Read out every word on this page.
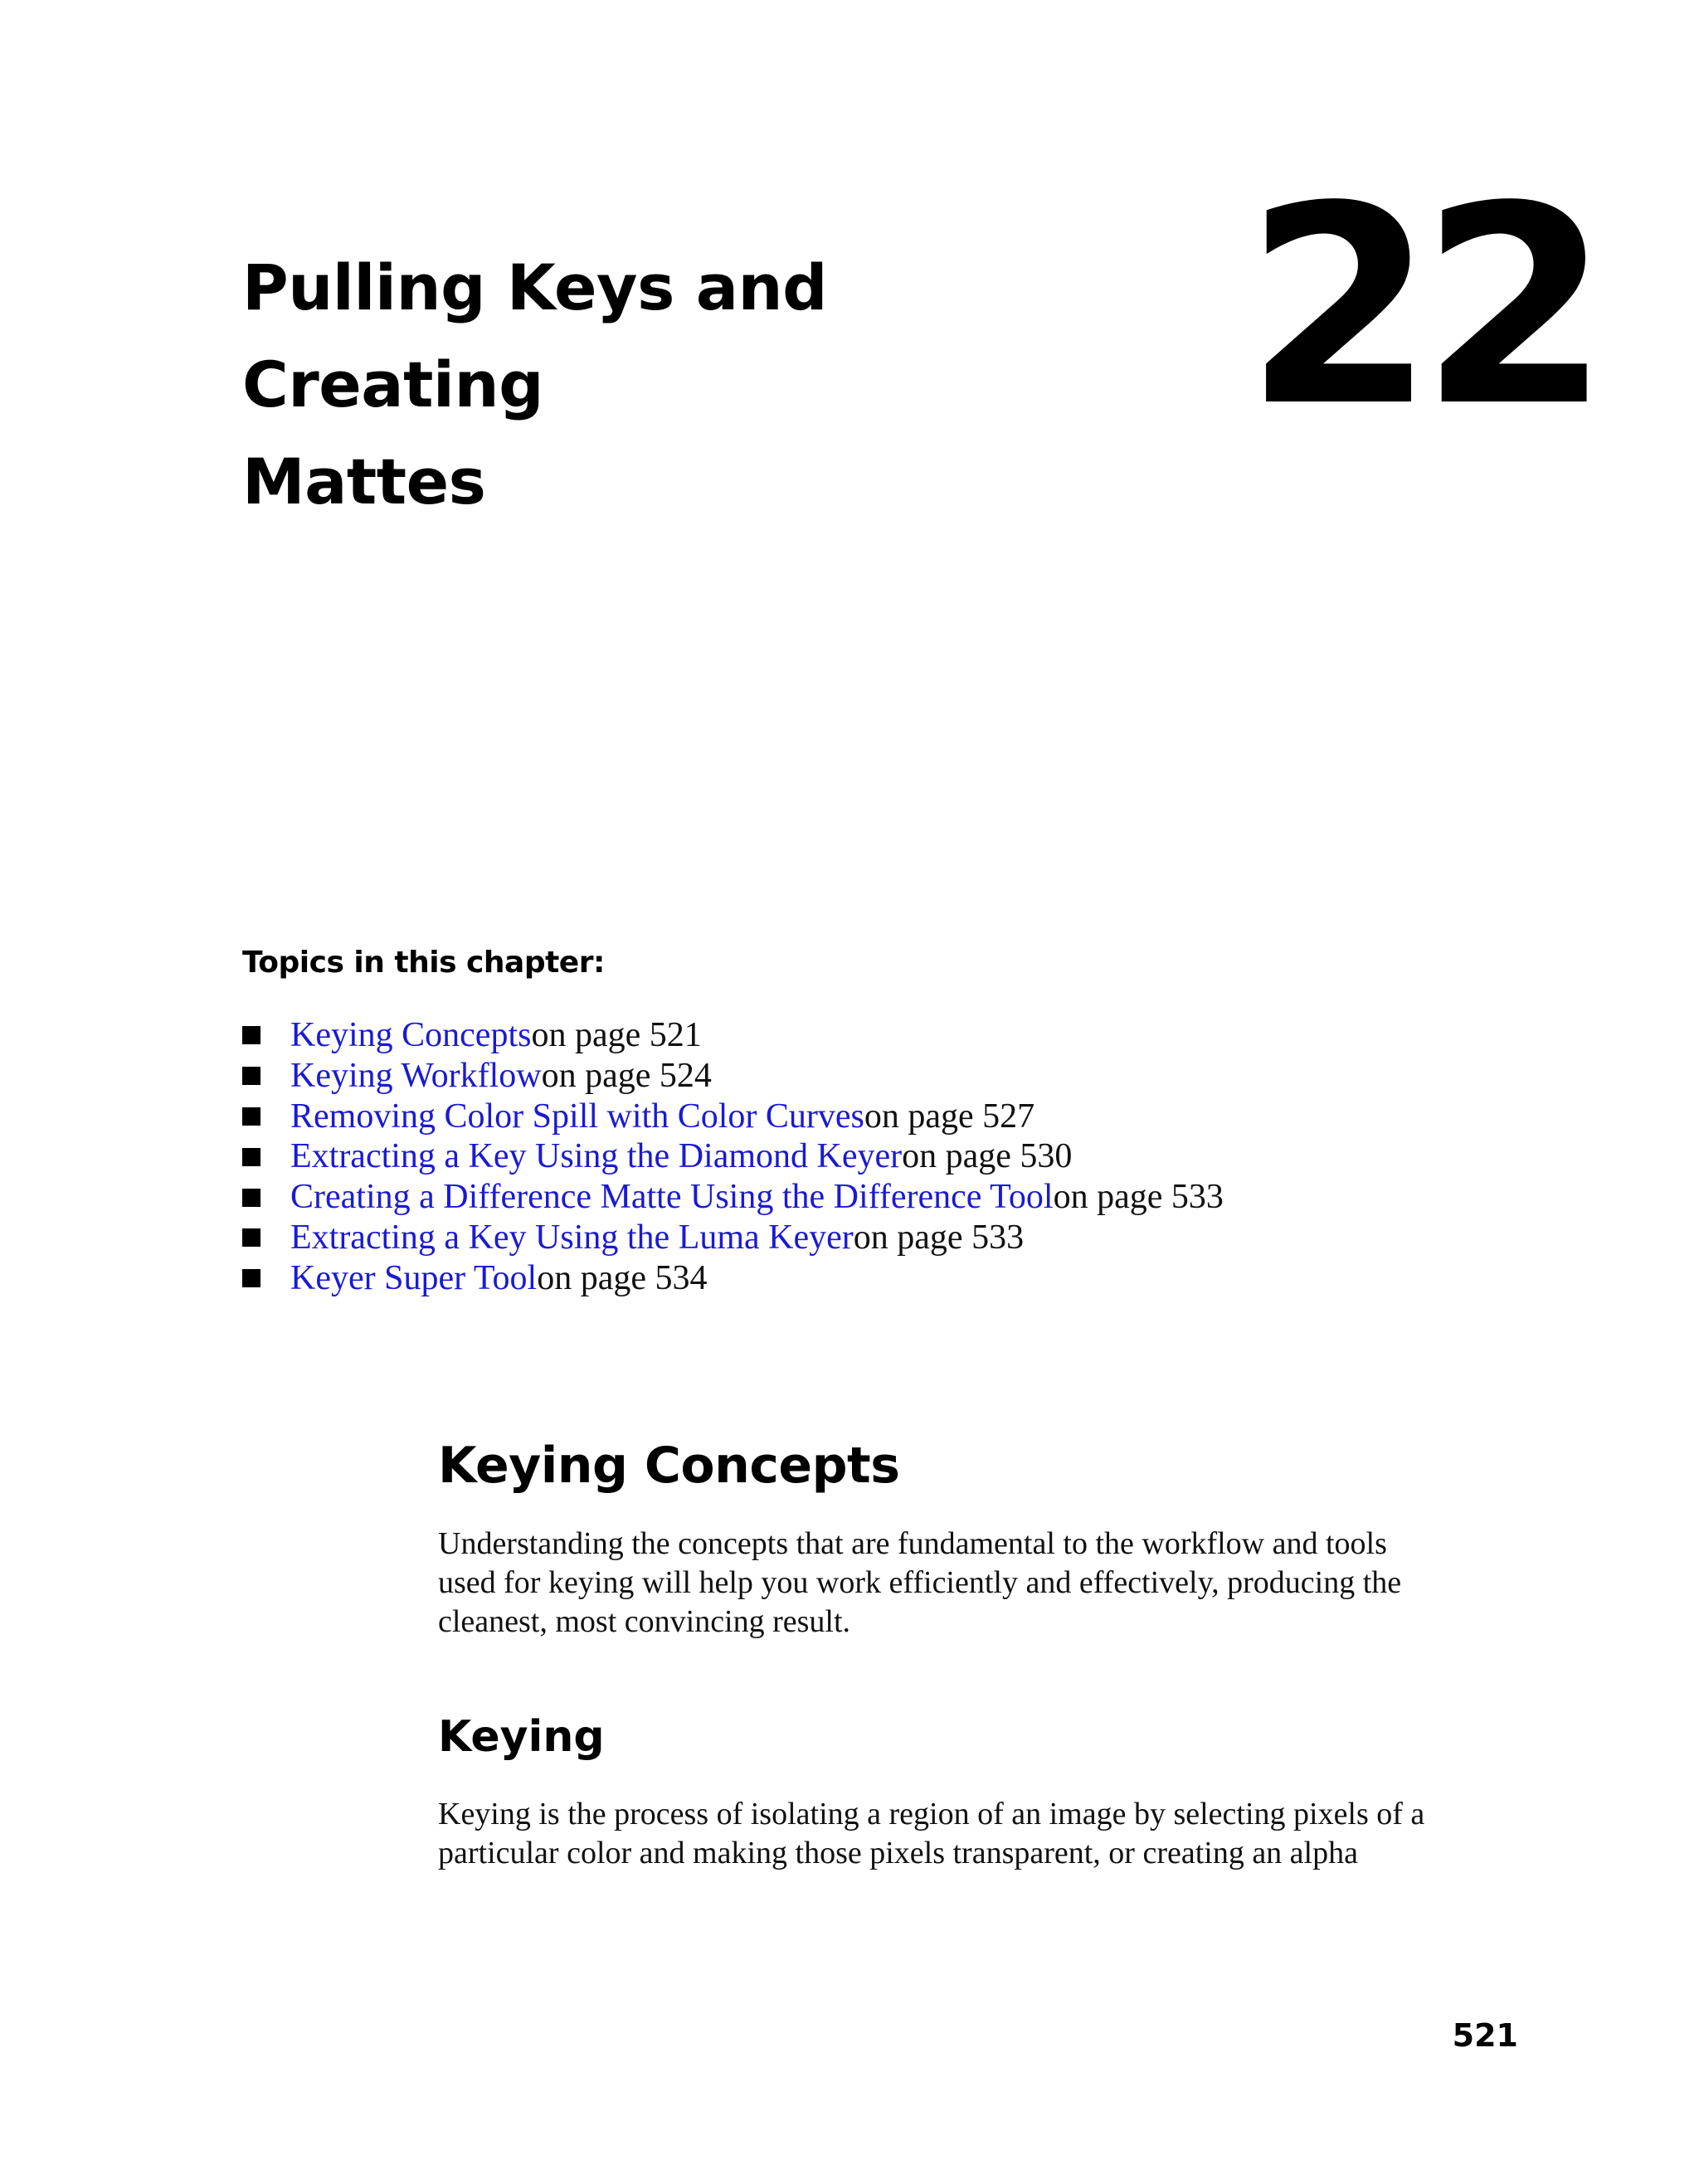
Pulling Keys and Creating
Mattes
22
Topics in this chapter:
Keying Concepts on page 521
Keying Workflow on page 524
Removing Color Spill with Color Curves on page 527
Extracting a Key Using the Diamond Keyer on page 530
Creating a Difference Matte Using the Difference Tool on page 533
Extracting a Key Using the Luma Keyer on page 533
Keyer Super Tool on page 534
Keying Concepts

Understanding the concepts that are fundamental to the workflow and tools
used for keying will help you work efficiently and effectively, producing the
cleanest, most convincing result.

Keying

Keying is the process of isolating a region of an image by selecting pixels of a
particular color and making those pixels transparent, or creating an alpha

521
